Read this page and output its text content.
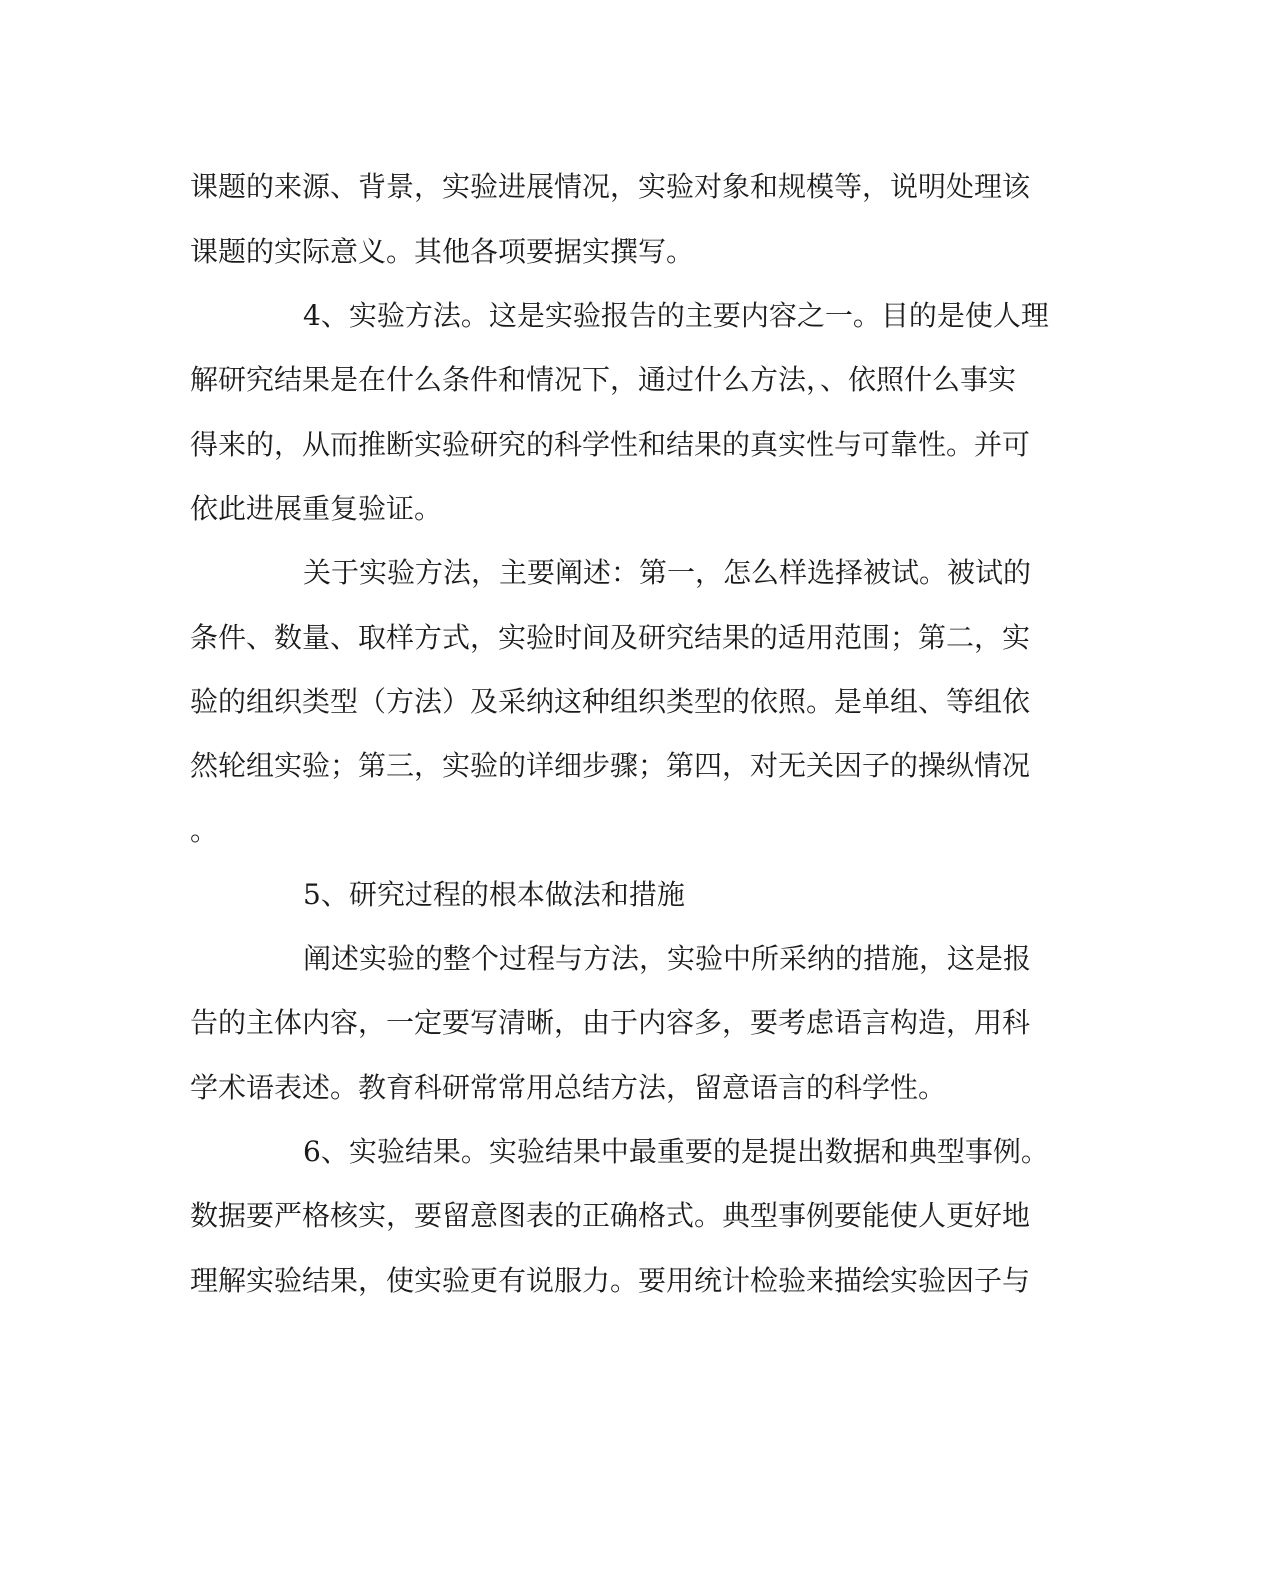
课题的来源、背景，实验进展情况，实验对象和规模等，说明处理该
课题的实际意义。其他各项要据实撰写。
4、实验方法。这是实验报告的主要内容之一。目的是使人理
解研究结果是在什么条件和情况下，通过什么方法，、依照什么事实
得来的，从而推断实验研究的科学性和结果的真实性与可靠性。并可
依此进展重复验证。
关于实验方法，主要阐述：第一，怎么样选择被试。被试的
条件、数量、取样方式，实验时间及研究结果的适用范围；第二，实
验的组织类型（方法）及采纳这种组织类型的依照。是单组、等组依
然轮组实验；第三，实验的详细步骤；第四，对无关因子的操纵情况
。
5、研究过程的根本做法和措施
阐述实验的整个过程与方法，实验中所采纳的措施，这是报
告的主体内容，一定要写清晰，由于内容多，要考虑语言构造，用科
学术语表述。教育科研常常用总结方法，留意语言的科学性。
6、实验结果。实验结果中最重要的是提出数据和典型事例。
数据要严格核实，要留意图表的正确格式。典型事例要能使人更好地
理解实验结果，使实验更有说服力。要用统计检验来描绘实验因子与
